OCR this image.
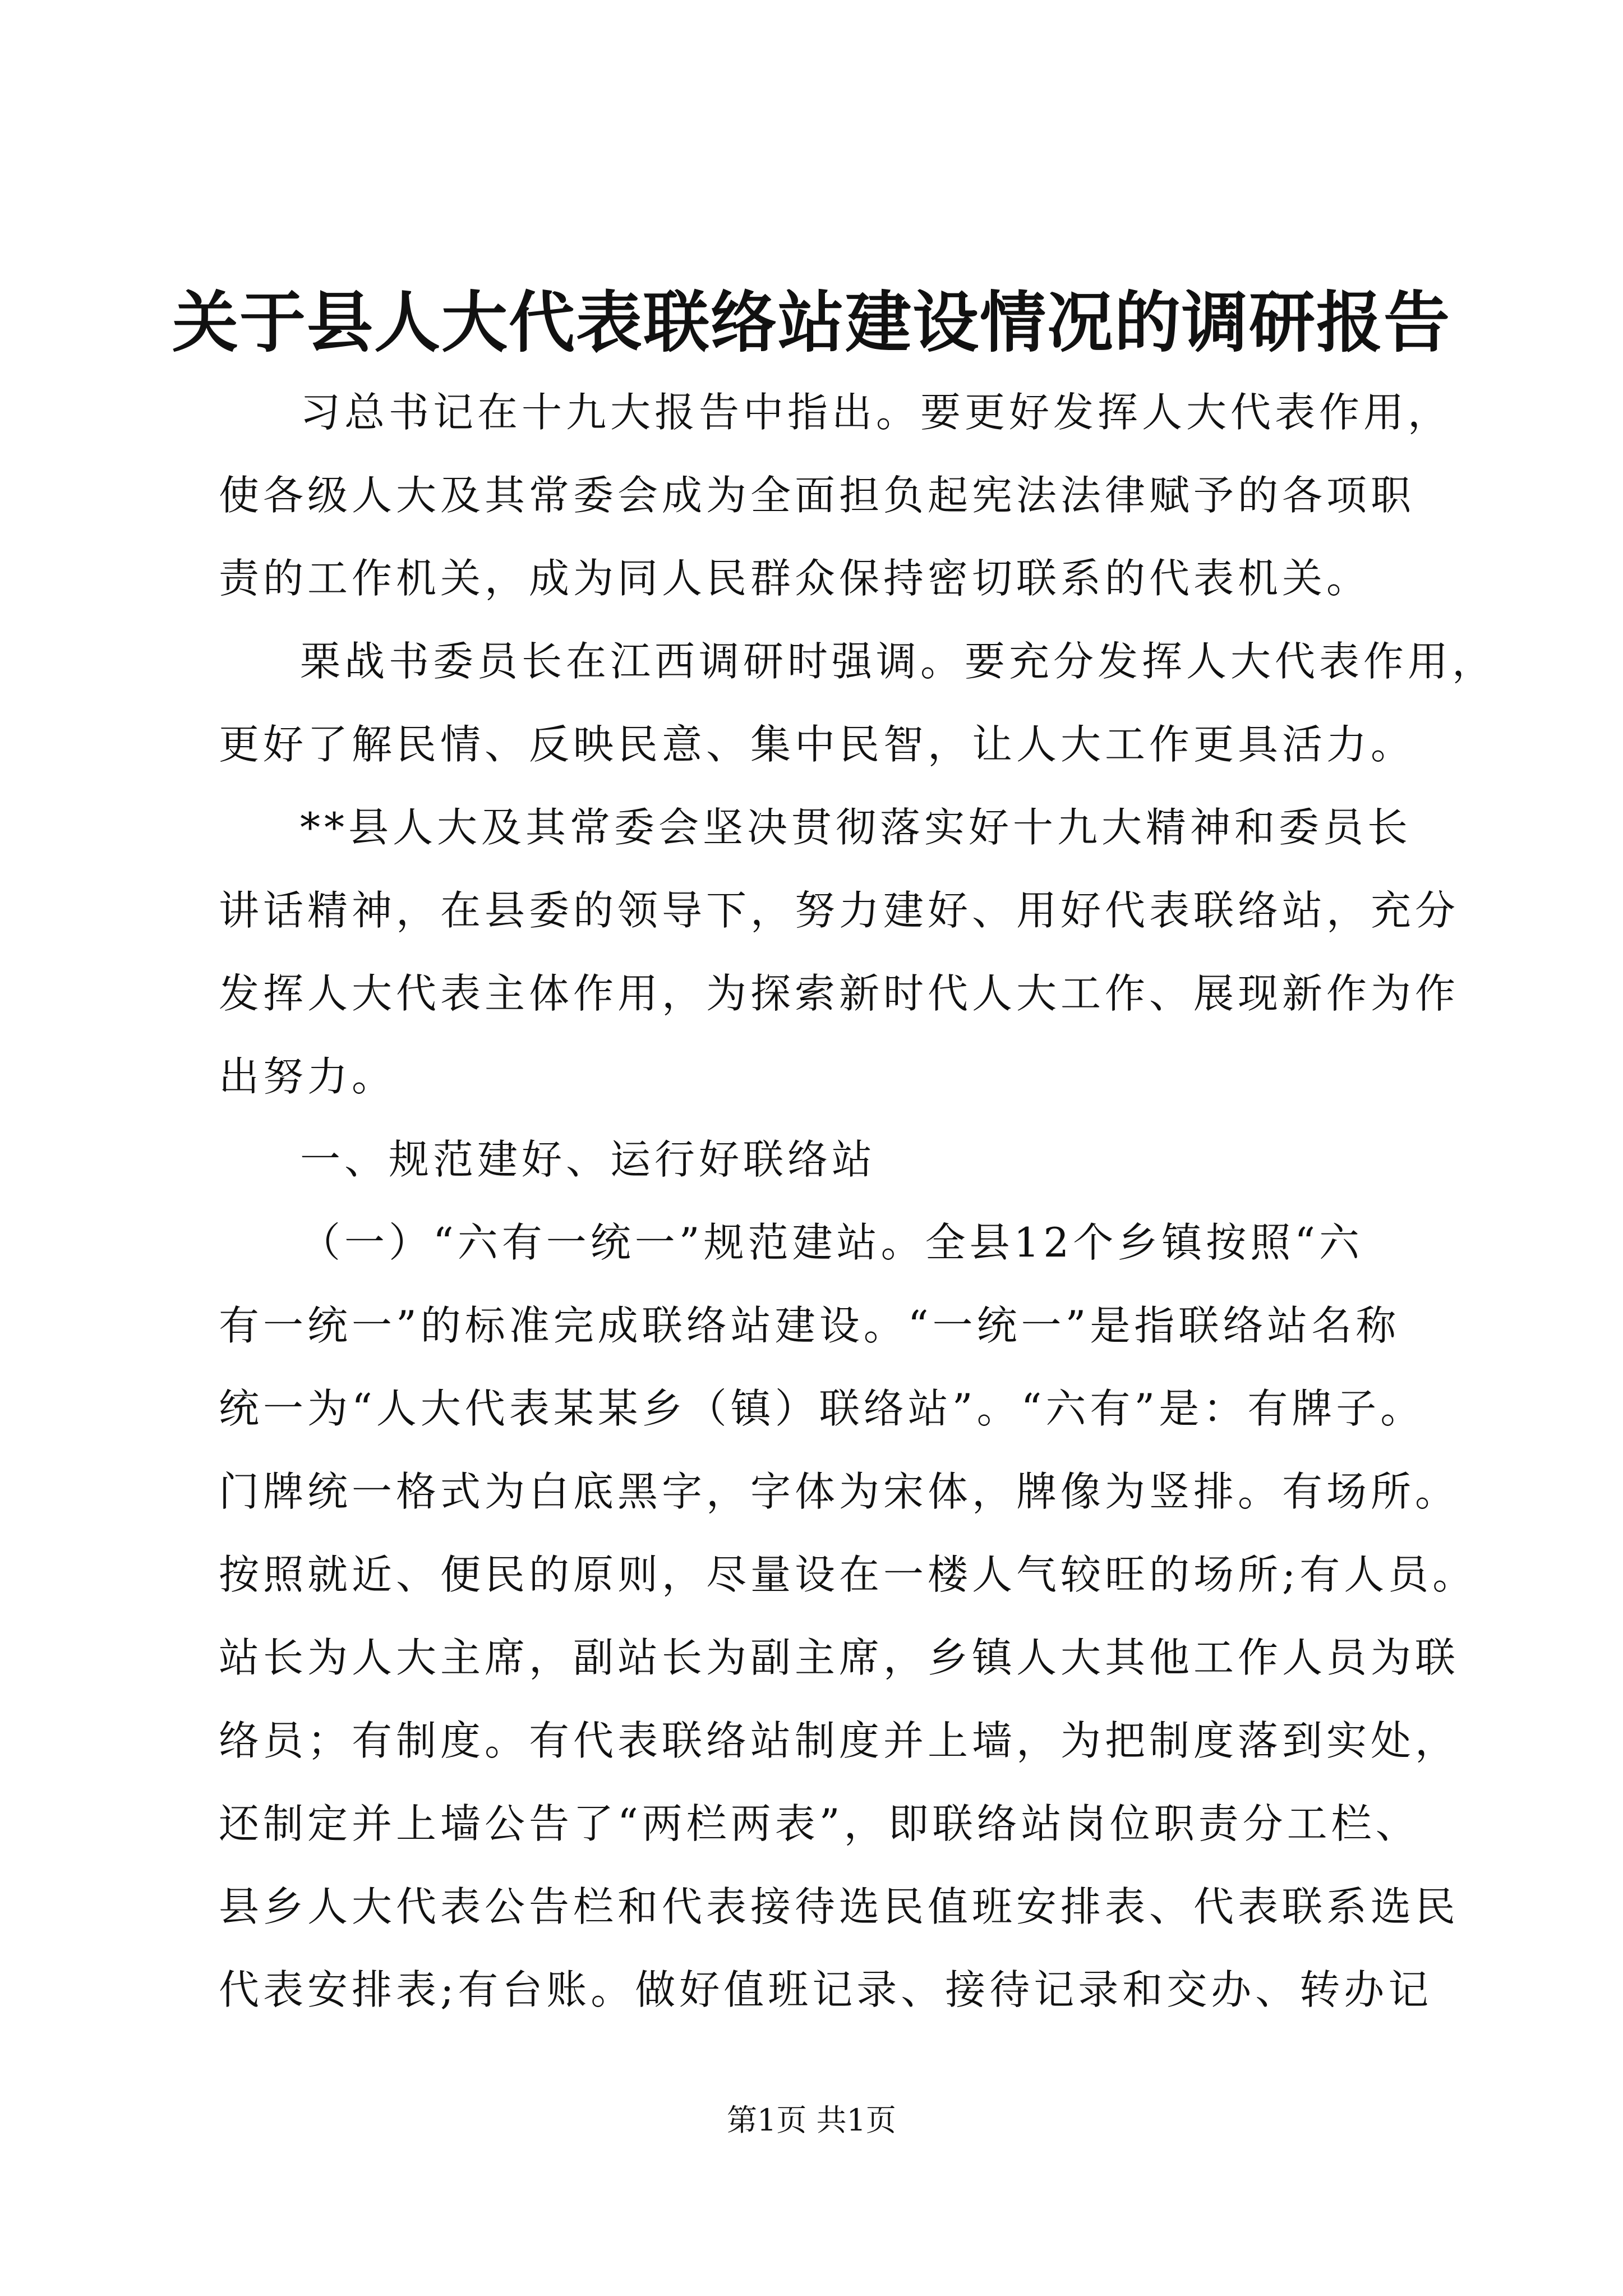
关于县人大代表联络站建设情况的调研报告
习总书记在十九大报告中指出。要更好发挥人大代表作用，
使各级人大及其常委会成为全面担负起宪法法律赋予的各项职
责的工作机关，成为同人民群众保持密切联系的代表机关。
栗战书委员长在江西调研时强调。要充分发挥人大代表作用，
更好了解民情、反映民意、集中民智，让人大工作更具活力。
**县人大及其常委会坚决贯彻落实好十九大精神和委员长
讲话精神，在县委的领导下，努力建好、用好代表联络站，充分
发挥人大代表主体作用，为探索新时代人大工作、展现新作为作
出努力。
一、规范建好、运行好联络站
（一）“六有一统一”规范建站。全县12个乡镇按照“六
有一统一”的标准完成联络站建设。“一统一”是指联络站名称
统一为“人大代表某某乡（镇）联络站”。“六有”是：有牌子。
门牌统一格式为白底黑字，字体为宋体，牌像为竖排。有场所。
按照就近、便民的原则，尽量设在一楼人气较旺的场所;有人员。
站长为人大主席，副站长为副主席，乡镇人大其他工作人员为联
络员；有制度。有代表联络站制度并上墙，为把制度落到实处，
还制定并上墙公告了“两栏两表”，即联络站岗位职责分工栏、
县乡人大代表公告栏和代表接待选民值班安排表、代表联系选民
代表安排表;有台账。做好值班记录、接待记录和交办、转办记
第1页 共1页
